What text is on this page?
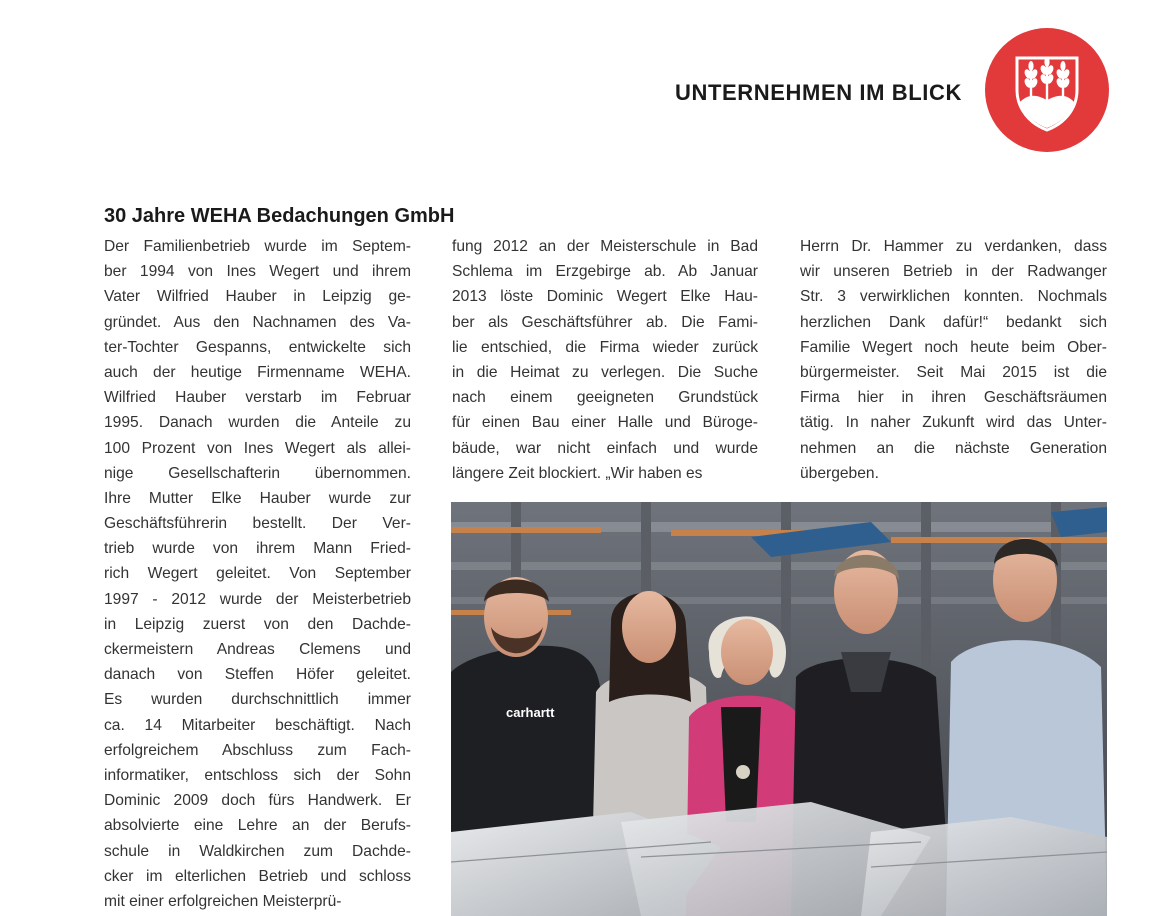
UNTERNEHMEN IM BLICK
30 Jahre WEHA Bedachungen GmbH
Der Familienbetrieb wurde im Septem-
ber 1994 von Ines Wegert und ihrem
Vater Wilfried Hauber in Leipzig ge-
gründet. Aus den Nachnamen des Va-
ter-Tochter Gespanns, entwickelte sich
auch der heutige Firmenname WEHA.
Wilfried Hauber verstarb im Februar
1995. Danach wurden die Anteile zu
100 Prozent von Ines Wegert als allei-
nige Gesellschafterin übernommen.
Ihre Mutter Elke Hauber wurde zur
Geschäftsführerin bestellt. Der Ver-
trieb wurde von ihrem Mann Fried-
rich Wegert geleitet. Von September
1997 - 2012 wurde der Meisterbetrieb
in Leipzig zuerst von den Dachde-
ckermeistern Andreas Clemens und
danach von Steffen Höfer geleitet.
Es wurden durchschnittlich immer
ca. 14 Mitarbeiter beschäftigt. Nach
erfolgreichem Abschluss zum Fach-
informatiker, entschloss sich der Sohn
Dominic 2009 doch fürs Handwerk. Er
absolvierte eine Lehre an der Berufs-
schule in Waldkirchen zum Dachde-
cker im elterlichen Betrieb und schloss
mit einer erfolgreichen Meisterprü-
fung 2012 an der Meisterschule in Bad
Schlema im Erzgebirge ab. Ab Januar
2013 löste Dominic Wegert Elke Hau-
ber als Geschäftsführer ab. Die Fami-
lie entschied, die Firma wieder zurück
in die Heimat zu verlegen. Die Suche
nach einem geeigneten Grundstück
für einen Bau einer Halle und Büroge-
bäude, war nicht einfach und wurde
längere Zeit blockiert. „Wir haben es
Herrn Dr. Hammer zu verdanken, dass
wir unseren Betrieb in der Radwanger
Str. 3 verwirklichen konnten. Nochmals
herzlichen Dank dafür!“ bedankt sich
Familie Wegert noch heute beim Ober-
bürgermeister. Seit Mai 2015 ist die
Firma hier in ihren Geschäftsräumen
tätig. In naher Zukunft wird das Unter-
nehmen an die nächste Generation
übergeben.
carhartt
